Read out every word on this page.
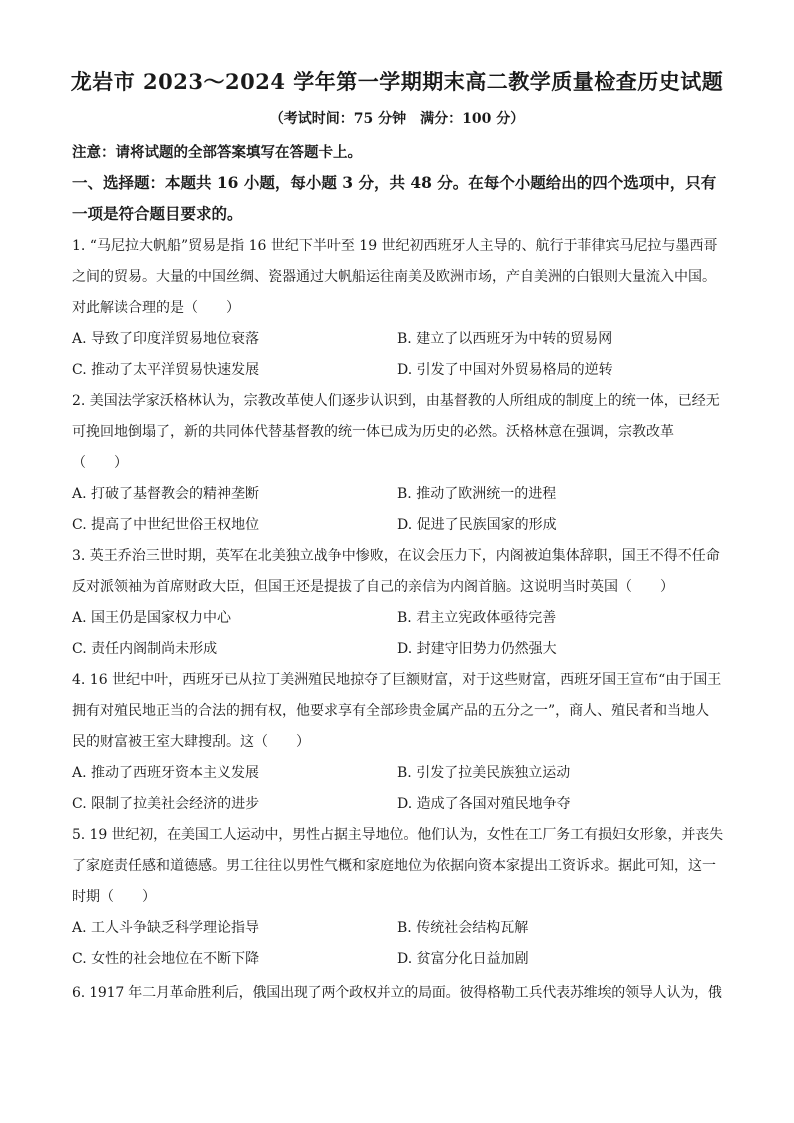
龙岩市 2023～2024 学年第一学期期末高二教学质量检查历史试题
（考试时间：75 分钟　满分：100 分）
注意：请将试题的全部答案填写在答题卡上。
一、选择题：本题共 16 小题，每小题 3 分，共 48 分。在每个小题给出的四个选项中，只有
一项是符合题目要求的。
1. “马尼拉大帆船”贸易是指 16 世纪下半叶至 19 世纪初西班牙人主导的、航行于菲律宾马尼拉与墨西哥
之间的贸易。大量的中国丝绸、瓷器通过大帆船运往南美及欧洲市场，产自美洲的白银则大量流入中国。
对此解读合理的是（　　）
A. 导致了印度洋贸易地位衰落	B. 建立了以西班牙为中转的贸易网
C. 推动了太平洋贸易快速发展	D. 引发了中国对外贸易格局的逆转
2. 美国法学家沃格林认为，宗教改革使人们逐步认识到，由基督教的人所组成的制度上的统一体，已经无
可挽回地倒塌了，新的共同体代替基督教的统一体已成为历史的必然。沃格林意在强调，宗教改革
（　　）
A. 打破了基督教会的精神垄断	B. 推动了欧洲统一的进程
C. 提高了中世纪世俗王权地位	D. 促进了民族国家的形成
3. 英王乔治三世时期，英军在北美独立战争中惨败，在议会压力下，内阁被迫集体辞职，国王不得不任命
反对派领袖为首席财政大臣，但国王还是提拔了自己的亲信为内阁首脑。这说明当时英国（　　）
A. 国王仍是国家权力中心	B. 君主立宪政体亟待完善
C. 责任内阁制尚未形成	D. 封建守旧势力仍然强大
4. 16 世纪中叶，西班牙已从拉丁美洲殖民地掠夺了巨额财富，对于这些财富，西班牙国王宣布“由于国王
拥有对殖民地正当的合法的拥有权，他要求享有全部珍贵金属产品的五分之一”，商人、殖民者和当地人
民的财富被王室大肆搜刮。这（　　）
A. 推动了西班牙资本主义发展	B. 引发了拉美民族独立运动
C. 限制了拉美社会经济的进步	D. 造成了各国对殖民地争夺
5. 19 世纪初，在美国工人运动中，男性占据主导地位。他们认为，女性在工厂务工有损妇女形象，并丧失
了家庭责任感和道德感。男工往往以男性气概和家庭地位为依据向资本家提出工资诉求。据此可知，这一
时期（　　）
A. 工人斗争缺乏科学理论指导	B. 传统社会结构瓦解
C. 女性的社会地位在不断下降	D. 贫富分化日益加剧
6. 1917 年二月革命胜利后，俄国出现了两个政权并立的局面。彼得格勒工兵代表苏维埃的领导人认为，俄
